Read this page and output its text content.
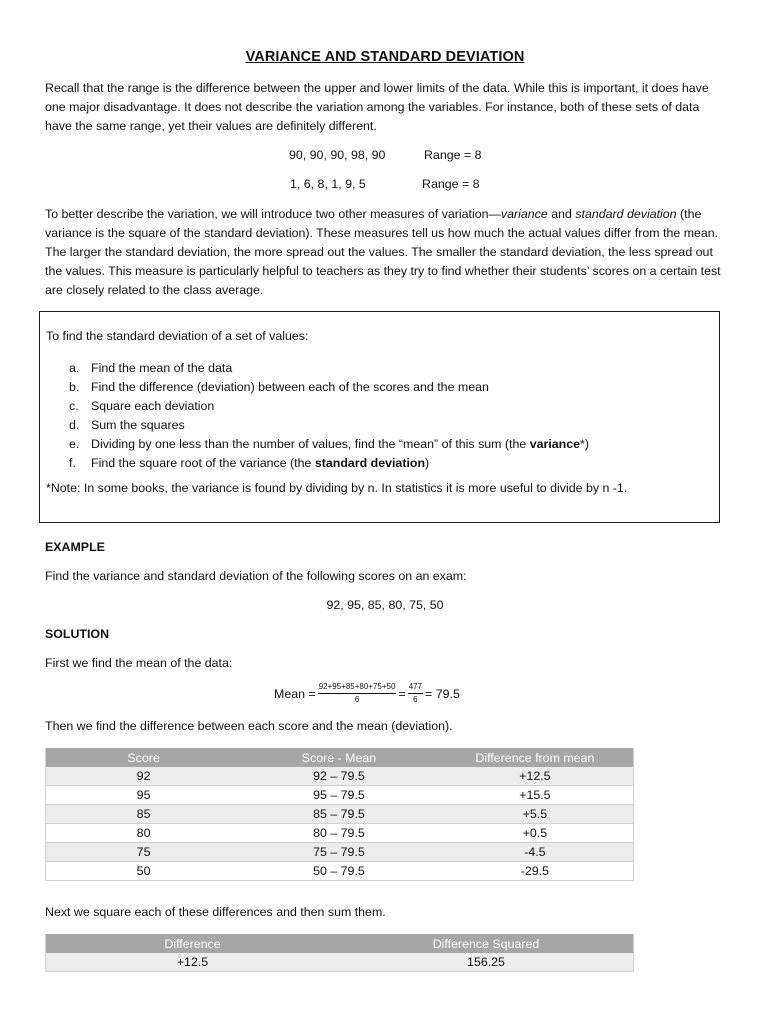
VARIANCE AND STANDARD DEVIATION

Recall that the range is the difference between the upper and lower limits of the data. While this is important, it does have one major disadvantage. It does not describe the variation among the variables. For instance, both of these sets of data have the same range, yet their values are definitely different.

90, 90, 90, 98, 90	Range = 8
1, 6, 8, 1, 9, 5	Range = 8

To better describe the variation, we will introduce two other measures of variation—variance and standard deviation (the variance is the square of the standard deviation). These measures tell us how much the actual values differ from the mean. The larger the standard deviation, the more spread out the values. The smaller the standard deviation, the less spread out the values. This measure is particularly helpful to teachers as they try to find whether their students’ scores on a certain test are closely related to the class average.

To find the standard deviation of a set of values:
a. Find the mean of the data
b. Find the difference (deviation) between each of the scores and the mean
c. Square each deviation
d. Sum the squares
e. Dividing by one less than the number of values, find the “mean” of this sum (the variance*)
f. Find the square root of the variance (the standard deviation)
*Note: In some books, the variance is found by dividing by n. In statistics it is more useful to divide by n -1.
EXAMPLE
Find the variance and standard deviation of the following scores on an exam:
92, 95, 85, 80, 75, 50
SOLUTION
First we find the mean of the data:
Mean = $\frac{92+95+85+80+75+50}{6} = \frac{477}{6} = 79.5$
Then we find the difference between each score and the mean (deviation).
Score	Score - Mean	Difference from mean
92	92 – 79.5	+12.5
95	95 – 79.5	+15.5
85	85 – 79.5	+5.5
80	80 – 79.5	+0.5
75	75 – 79.5	-4.5
50	50 – 79.5	-29.5
Next we square each of these differences and then sum them.
Difference	Difference Squared
+12.5	156.25
